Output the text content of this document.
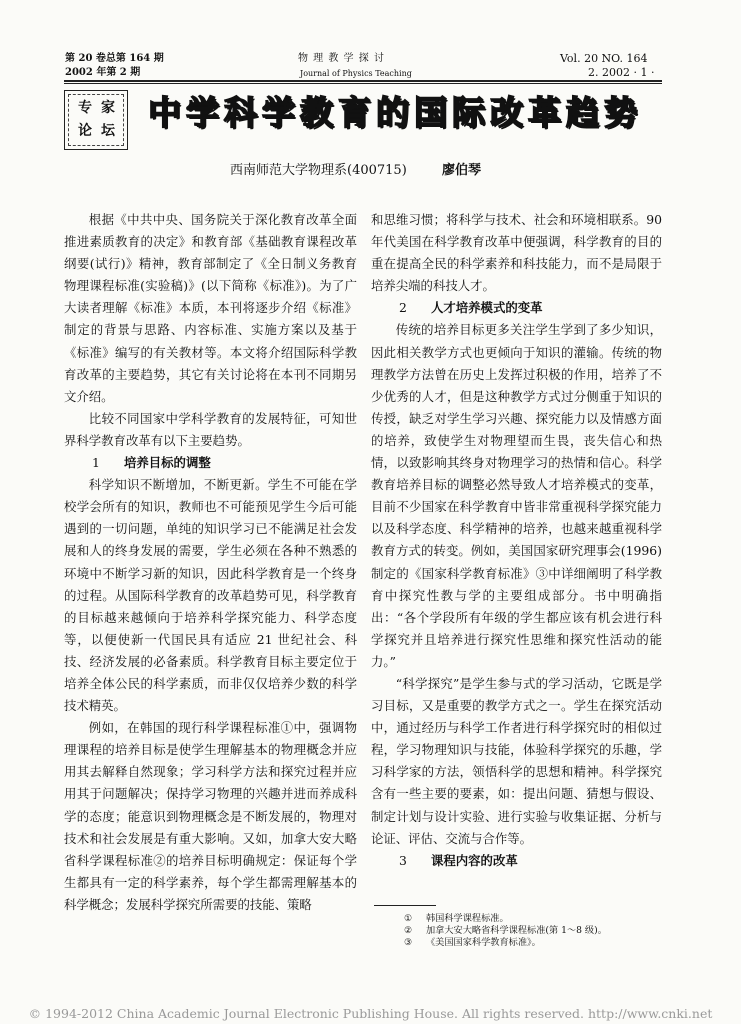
第 20 卷总第 164 期
2002 年第 2 期
物 理 教 学 探 讨
Journal of Physics Teaching
Vol. 20 NO. 164
2. 2002 · 1 ·
专 家
论 坛 中学科学教育的国际改革趋势
西南师范大学物理系(400715)	廖伯琴

根据《中共中央、国务院关于深化教育改革全面推进素质教育的决定》和教育部《基础教育课程改革纲要(试行)》精神，教育部制定了《全日制义务教育物理课程标准(实验稿)》(以下简称《标准》)。为了广大读者理解《标准》本质，本刊将逐步介绍《标准》制定的背景与思路、内容标准、实施方案以及基于《标准》编写的有关教材等。本文将介绍国际科学教育改革的主要趋势，其它有关讨论将在本刊不同期另文介绍。

比较不同国家中学科学教育的发展特征，可知世界科学教育改革有以下主要趋势。

1 培养目标的调整

科学知识不断增加，不断更新。学生不可能在学校学会所有的知识，教师也不可能预见学生今后可能遇到的一切问题，单纯的知识学习已不能满足社会发展和人的终身发展的需要，学生必须在各种不熟悉的环境中不断学习新的知识，因此科学教育是一个终身的过程。从国际科学教育的改革趋势可见，科学教育的目标越来越倾向于培养科学探究能力、科学态度等，以便使新一代国民具有适应 21 世纪社会、科技、经济发展的必备素质。科学教育目标主要定位于培养全体公民的科学素质，而非仅仅培养少数的科学技术精英。

例如，在韩国的现行科学课程标准①中，强调物理课程的培养目标是使学生理解基本的物理概念并应用其去解释自然现象；学习科学方法和探究过程并应用其于问题解决；保持学习物理的兴趣并进而养成科学的态度；能意识到物理概念是不断发展的，物理对技术和社会发展是有重大影响。又如，加拿大安大略省科学课程标准②的培养目标明确规定：保证每个学生都具有一定的科学素养，每个学生都需理解基本的科学概念；发展科学探究所需要的技能、策略

和思维习惯；将科学与技术、社会和环境相联系。90 年代美国在科学教育改革中便强调，科学教育的目的重在提高全民的科学素养和科技能力，而不是局限于培养尖端的科技人才。

2 人才培养模式的变革

传统的培养目标更多关注学生学到了多少知识，因此相关教学方式也更倾向于知识的灌输。传统的物理教学方法曾在历史上发挥过积极的作用，培养了不少优秀的人才，但是这种教学方式过分侧重于知识的传授，缺乏对学生学习兴趣、探究能力以及情感方面的培养，致使学生对物理望而生畏，丧失信心和热情，以致影响其终身对物理学习的热情和信心。科学教育培养目标的调整必然导致人才培养模式的变革，目前不少国家在科学教育中皆非常重视科学探究能力以及科学态度、科学精神的培养，也越来越重视科学教育方式的转变。例如，美国国家研究理事会(1996) 制定的《国家科学教育标准》③中详细阐明了科学教育中探究性教与学的主要组成部分。书中明确指出：“各个学段所有年级的学生都应该有机会进行科学探究并且培养进行探究性思维和探究性活动的能力。”

“科学探究”是学生参与式的学习活动，它既是学习目标，又是重要的教学方式之一。学生在探究活动中，通过经历与科学工作者进行科学探究时的相似过程，学习物理知识与技能，体验科学探究的乐趣，学习科学家的方法，领悟科学的思想和精神。科学探究含有一些主要的要素，如：提出问题、猜想与假设、制定计划与设计实验、进行实验与收集证据、分析与论证、评估、交流与合作等。

3 课程内容的改革
① 韩国科学课程标准。
② 加拿大安大略省科学课程标准(第 1～8 级)。
③ 《美国国家科学教育标准》。
© 1994-2012 China Academic Journal Electronic Publishing House. All rights reserved. http://www.cnki.net
